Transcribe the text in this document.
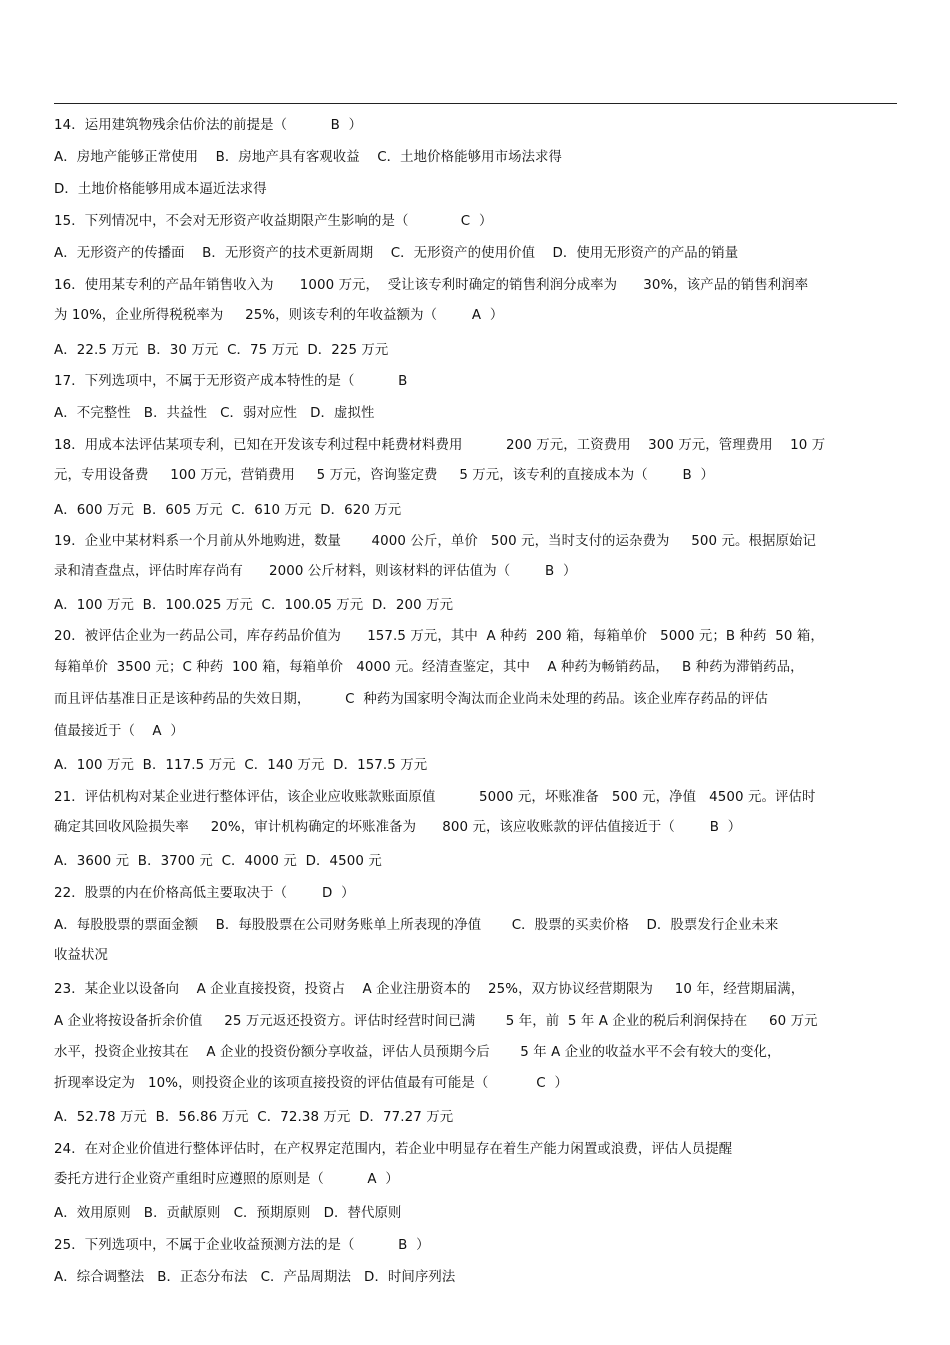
14．运用建筑物残余估价法的前提是（          B  ）
A．房地产能够正常使用    B．房地产具有客观收益    C．土地价格能够用市场法求得
D．土地价格能够用成本逼近法求得
15．下列情况中，不会对无形资产收益期限产生影响的是（            C  ）
A．无形资产的传播面    B．无形资产的技术更新周期    C．无形资产的使用价值    D．使用无形资产的产品的销量
16．使用某专利的产品年销售收入为      1000 万元，  受让该专利时确定的销售利润分成率为      30%，该产品的销售利润率
为 10%，企业所得税税率为     25%，则该专利的年收益额为（        A  ）
A．22.5 万元  B．30 万元  C．75 万元  D．225 万元
17．下列选项中，不属于无形资产成本特性的是（          B
A．不完整性   B．共益性   C．弱对应性   D．虚拟性
18．用成本法评估某项专利，已知在开发该专利过程中耗费材料费用          200 万元，工资费用    300 万元，管理费用    10 万
元，专用设备费     100 万元，营销费用     5 万元，咨询鉴定费     5 万元，该专利的直接成本为（        B  ）
A．600 万元  B．605 万元  C．610 万元  D．620 万元
19．企业中某材料系一个月前从外地购进，数量       4000 公斤，单价   500 元，当时支付的运杂费为     500 元。根据原始记
录和清查盘点，评估时库存尚有      2000 公斤材料，则该材料的评估值为（        B  ）
A．100 万元  B．100.025 万元  C．100.05 万元  D．200 万元
20．被评估企业为一药品公司，库存药品价值为      157.5 万元，其中  A 种药  200 箱，每箱单价   5000 元；B 种药  50 箱，
每箱单价  3500 元；C 种药  100 箱，每箱单价   4000 元。经清查鉴定，其中    A 种药为畅销药品，   B 种药为滞销药品，
而且评估基准日正是该种药品的失效日期，        C  种药为国家明令淘汰而企业尚未处理的药品。该企业库存药品的评估
值最接近于（    A  ）
A．100 万元  B．117.5 万元  C．140 万元  D．157.5 万元
21．评估机构对某企业进行整体评估，该企业应收账款账面原值          5000 元，坏账准备   500 元，净值   4500 元。评估时
确定其回收风险损失率     20%，审计机构确定的坏账准备为      800 元，该应收账款的评估值接近于（        B  ）
A．3600 元  B．3700 元  C．4000 元  D．4500 元
22．股票的内在价格高低主要取决于（        D  ）
A．每股股票的票面金额    B．每股股票在公司财务账单上所表现的净值       C．股票的买卖价格    D．股票发行企业未来
收益状况
23．某企业以设备向    A 企业直接投资，投资占    A 企业注册资本的    25%，双方协议经营期限为     10 年，经营期届满，
A 企业将按设备折余价值     25 万元返还投资方。评估时经营时间已满       5 年，前  5 年 A 企业的税后利润保持在     60 万元
水平，投资企业按其在    A 企业的投资份额分享收益，评估人员预期今后       5 年 A 企业的收益水平不会有较大的变化，
折现率设定为   10%，则投资企业的该项直接投资的评估值最有可能是（           C  ）
A．52.78 万元  B．56.86 万元  C．72.38 万元  D．77.27 万元
24．在对企业价值进行整体评估时，在产权界定范围内，若企业中明显存在着生产能力闲置或浪费，评估人员提醒
委托方进行企业资产重组时应遵照的原则是（          A  ）
A．效用原则   B．贡献原则   C．预期原则   D．替代原则
25．下列选项中，不属于企业收益预测方法的是（          B  ）
A．综合调整法   B．正态分布法   C．产品周期法   D．时间序列法
